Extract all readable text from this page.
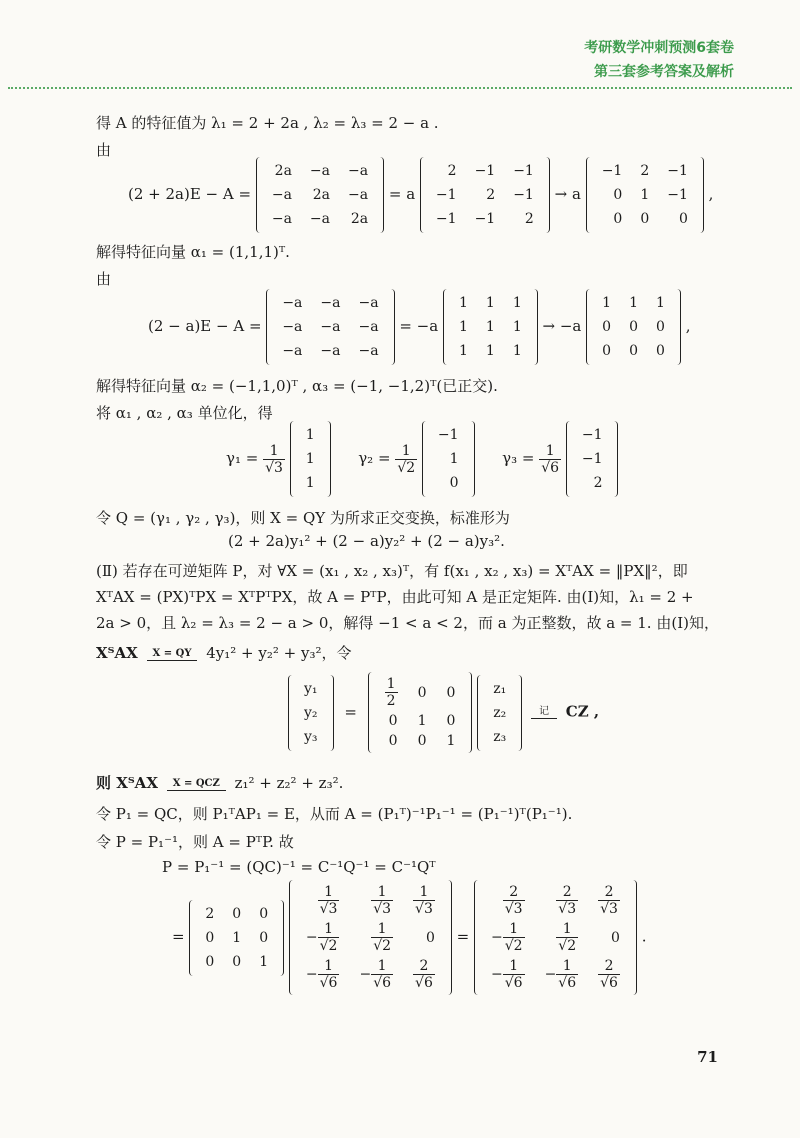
考研数学冲刺预测6套卷
第三套参考答案及解析
得 A 的特征值为 λ₁ = 2 + 2a , λ₂ = λ₃ = 2 − a .
由
(2 + 2a)E − A =
2a	−a	−a
−a	2a	−a
−a	−a	2a
= a
2	−1	−1
−1	2	−1
−1	−1	2
→ a
−1	2	−1
0	1	−1
0	0	0
,
解得特征向量 α₁ = (1,1,1)ᵀ.
由
(2 − a)E − A =
−a	−a	−a
−a	−a	−a
−a	−a	−a
= −a
1	1	1
1	1	1
1	1	1
→ −a
1	1	1
0	0	0
0	0	0
,
解得特征向量 α₂ = (−1,1,0)ᵀ , α₃ = (−1, −1,2)ᵀ(已正交).
将 α₁ , α₂ , α₃ 单位化，得
$\gamma_1 = \frac{1}{√3}$

1
1
1
$\gamma_2 = \frac{1}{√2}$

−1
1
0
$\gamma_3 = \frac{1}{√6}$

−1
−1
2
令 Q = (γ₁ , γ₂ , γ₃)，则 X = QY 为所求正交变换，标准形为
(2 + 2a)y₁² + (2 − a)y₂² + (2 − a)y₃².
(Ⅱ) 若存在可逆矩阵 P，对 ∀X = (x₁ , x₂ , x₃)ᵀ，有 f(x₁ , x₂ , x₃) = XᵀAX = ‖PX‖²，即
XᵀAX = (PX)ᵀPX = XᵀPᵀPX，故 A = PᵀP，由此可知 A 是正定矩阵. 由(Ⅰ)知，λ₁ = 2 +
2a > 0，且 λ₂ = λ₃ = 2 − a > 0，解得 −1 < a < 2，而 a 为正整数，故 a = 1. 由(Ⅰ)知，
XᵀAX	X = QY 4y₁² + y₂² + y₃²，令
y₁
y₂
y₃
=
$\frac{1}{2}$	0	0
0	1	0
0	0	1

z₁
z₂
z₃

记	CZ ,
则 XᵀAX	X = QCZ z₁² + z₂² + z₃².
令 P₁ = QC，则 P₁ᵀAP₁ = E，从而 A = (P₁ᵀ)⁻¹P₁⁻¹ = (P₁⁻¹)ᵀ(P₁⁻¹).
令 P = P₁⁻¹，则 A = PᵀP. 故
P = P₁⁻¹ = (QC)⁻¹ = C⁻¹Q⁻¹ = C⁻¹Qᵀ
=
2	0	0
0	1	0
0	0	1

$\frac{1}{√3}$	$\frac{1}{√3}$	$\frac{1}{√3}$

− $\frac{1}{√2}$	$\frac{1}{√2}$	0
− $\frac{1}{√6}$	− $\frac{1}{√6}$	$\frac{2}{√6}$
=
$\frac{2}{√3}$	$\frac{2}{√3}$	$\frac{2}{√3}$

− $\frac{1}{√2}$	$\frac{1}{√2}$	0
− $\frac{1}{√6}$	− $\frac{1}{√6}$	$\frac{2}{√6}$
.
71
